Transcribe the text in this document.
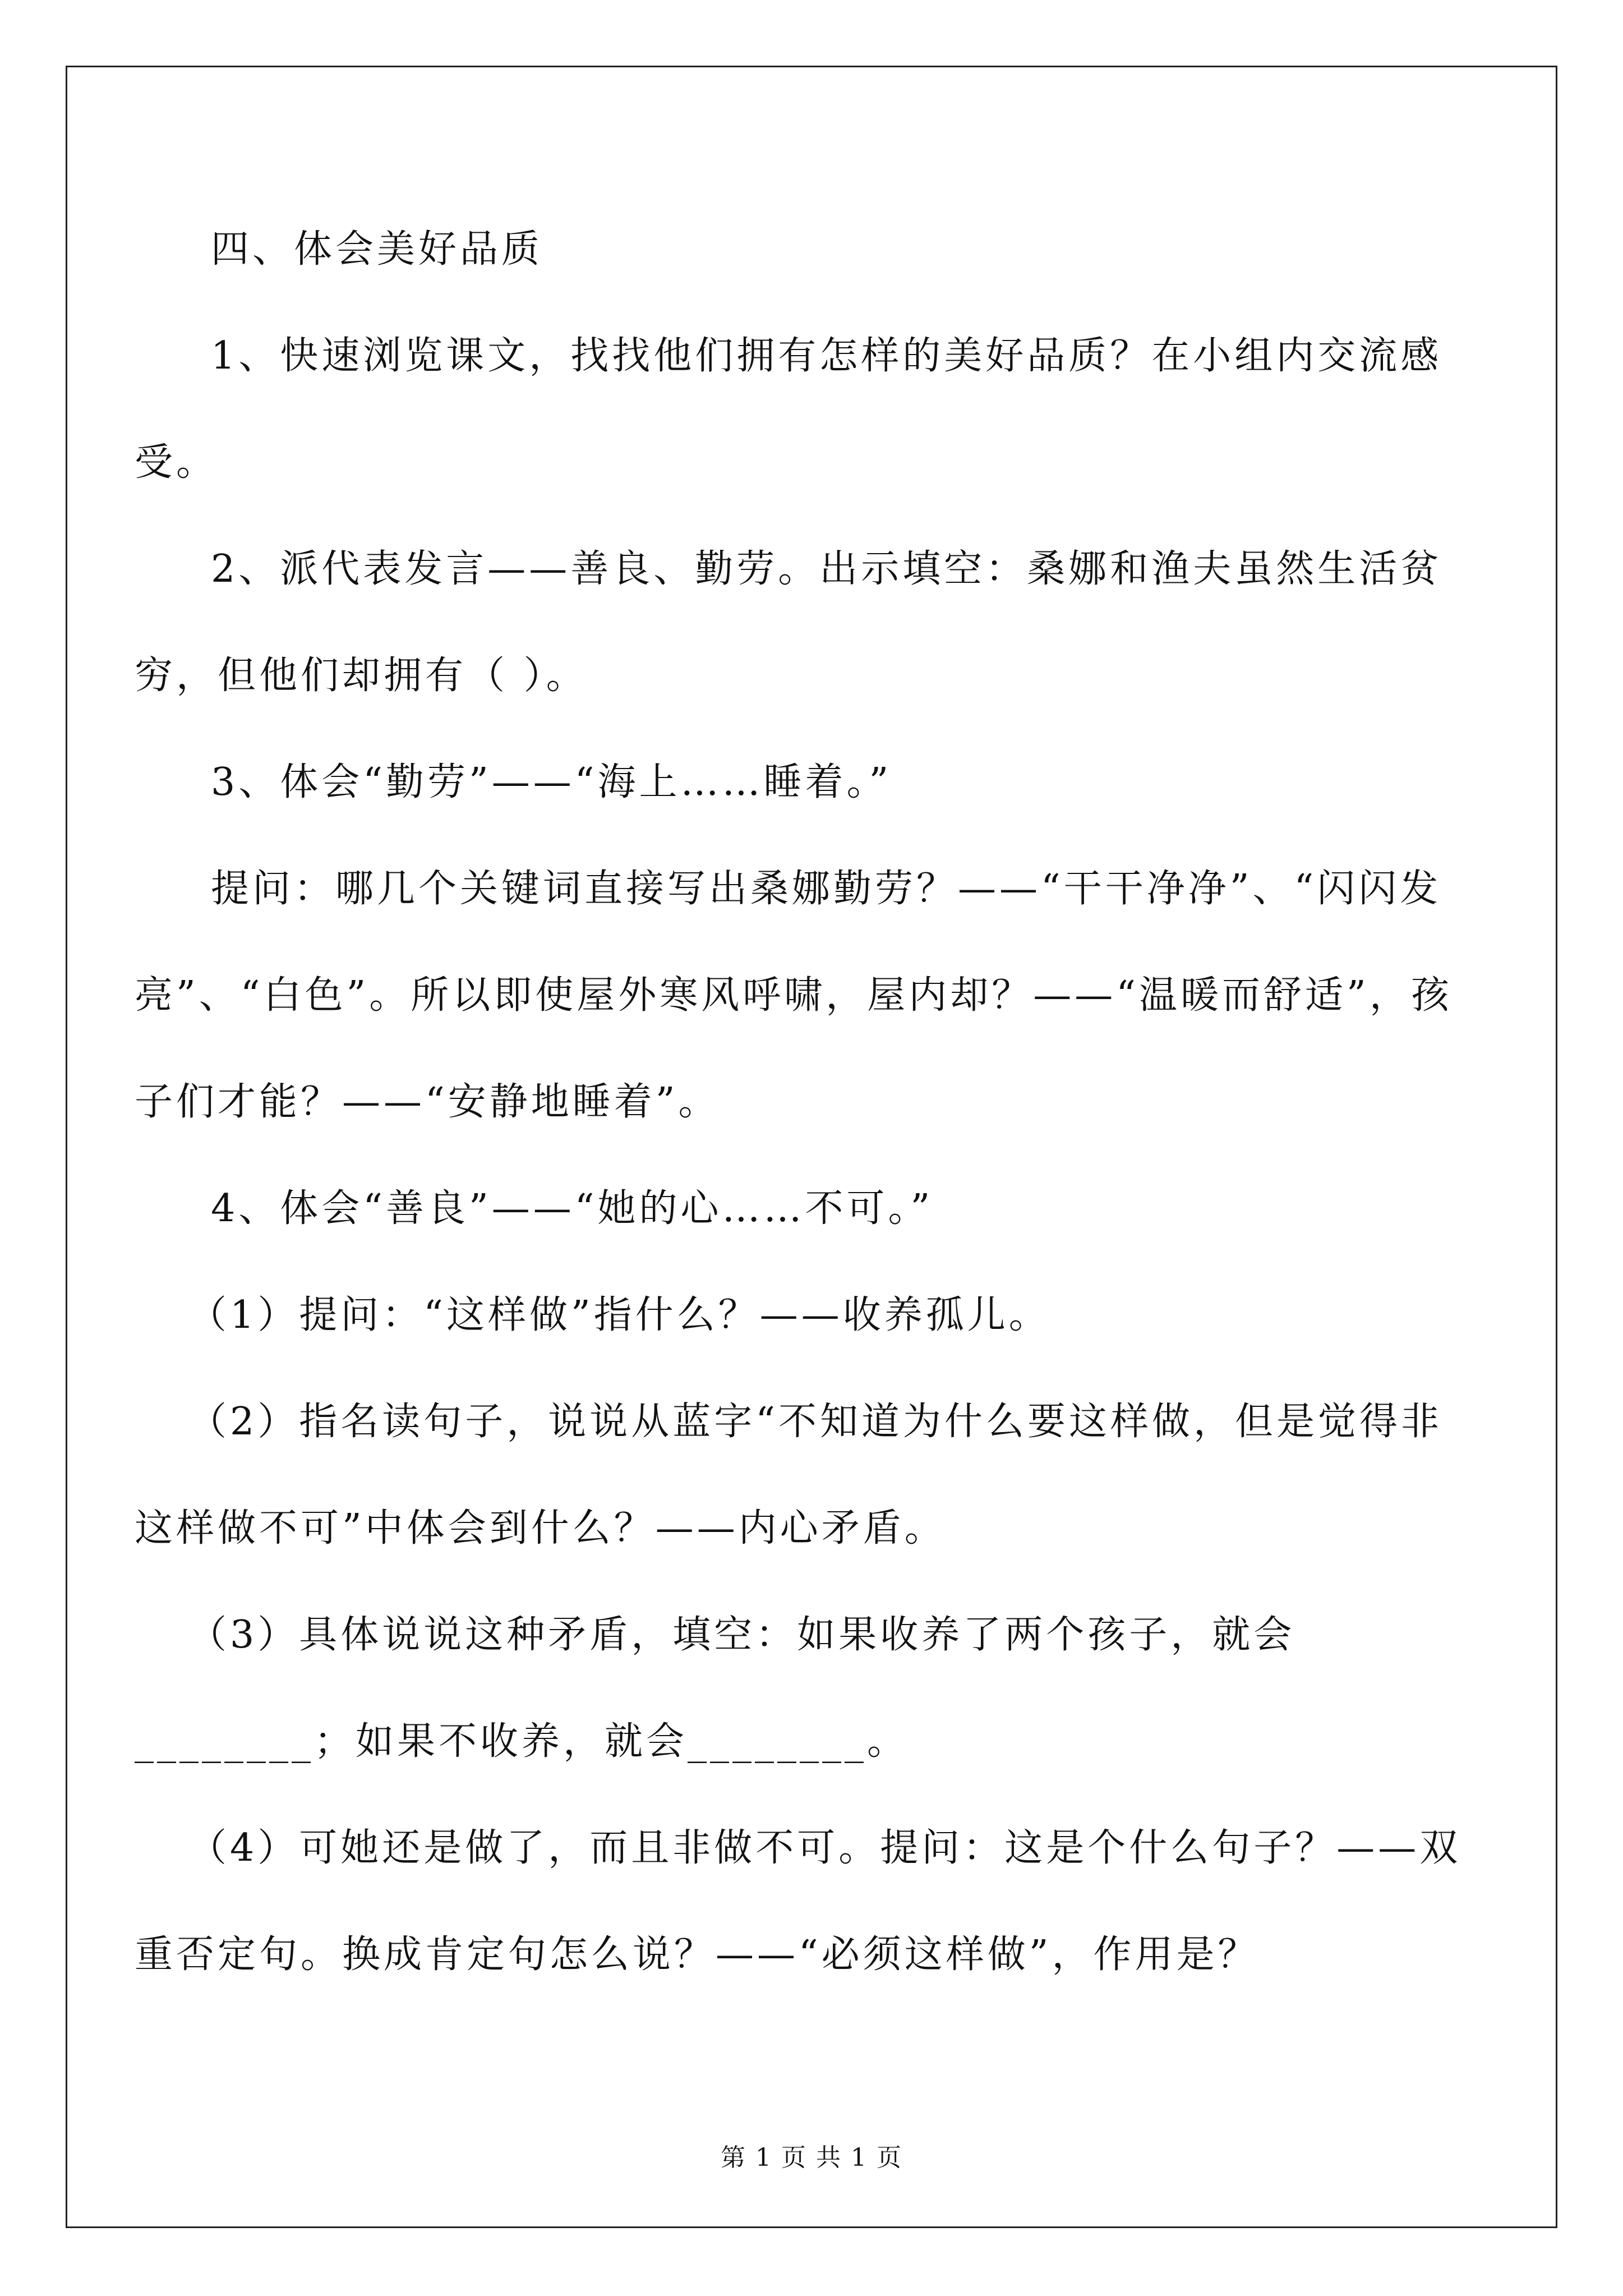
四、体会美好品质

1、快速浏览课文，找找他们拥有怎样的美好品质？在小组内交流感受。

2、派代表发言——善良、勤劳。出示填空：桑娜和渔夫虽然生活贫穷，但他们却拥有（ ）。

3、体会“勤劳”——“海上……睡着。”

提问：哪几个关键词直接写出桑娜勤劳？——“干干净净”、“闪闪发亮”、“白色”。所以即使屋外寒风呼啸，屋内却？——“温暖而舒适”，孩子们才能？——“安静地睡着”。

4、体会“善良”——“她的心……不可。”

（1）提问：“这样做”指什么？——收养孤儿。

（2）指名读句子，说说从蓝字“不知道为什么要这样做，但是觉得非这样做不可”中体会到什么？——内心矛盾。

（3）具体说说这种矛盾，填空：如果收养了两个孩子，就会________；如果不收养，就会________。

（4）可她还是做了，而且非做不可。提问：这是个什么句子？——双重否定句。换成肯定句怎么说？——“必须这样做”，作用是？

第 1 页 共 1 页
